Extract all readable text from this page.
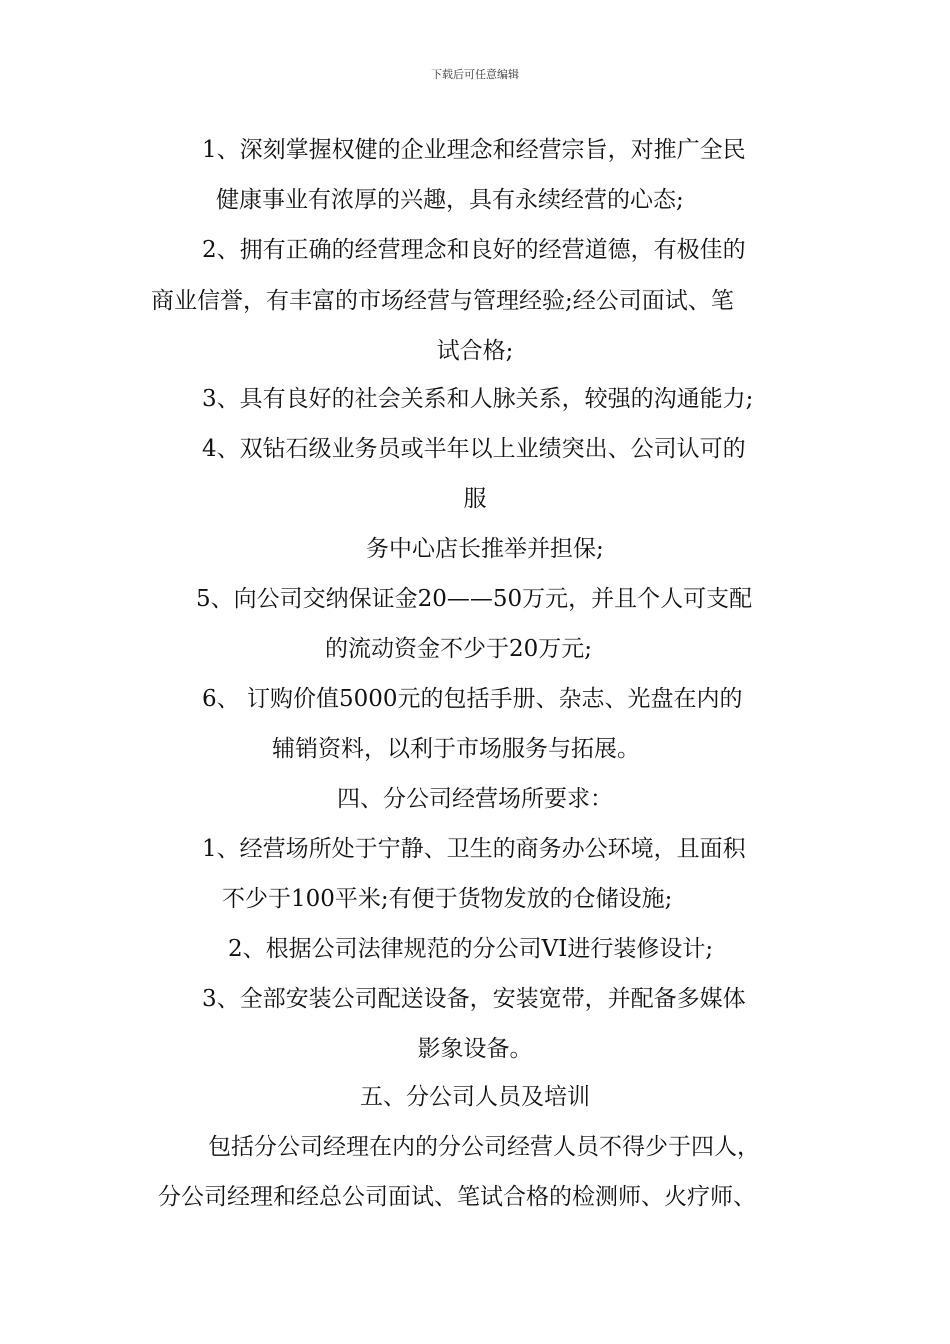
下载后可任意编辑
1、深刻掌握权健的企业理念和经营宗旨，对推广全民
健康事业有浓厚的兴趣，具有永续经营的心态;
2、拥有正确的经营理念和良好的经营道德，有极佳的
商业信誉，有丰富的市场经营与管理经验;经公司面试、笔
试合格;
3、具有良好的社会关系和人脉关系，较强的沟通能力;
4、双钻石级业务员或半年以上业绩突出、公司认可的
服
务中心店长推举并担保;
5、向公司交纳保证金20——50万元，并且个人可支配
的流动资金不少于20万元;
6、 订购价值5000元的包括手册、杂志、光盘在内的
辅销资料，以利于市场服务与拓展。
四、分公司经营场所要求：
1、经营场所处于宁静、卫生的商务办公环境，且面积
不少于100平米;有便于货物发放的仓储设施;
2、根据公司法律规范的分公司VI进行装修设计;
3、全部安装公司配送设备，安装宽带，并配备多媒体
影象设备。
五、分公司人员及培训
包括分公司经理在内的分公司经营人员不得少于四人，
分公司经理和经总公司面试、笔试合格的检测师、火疗师、
